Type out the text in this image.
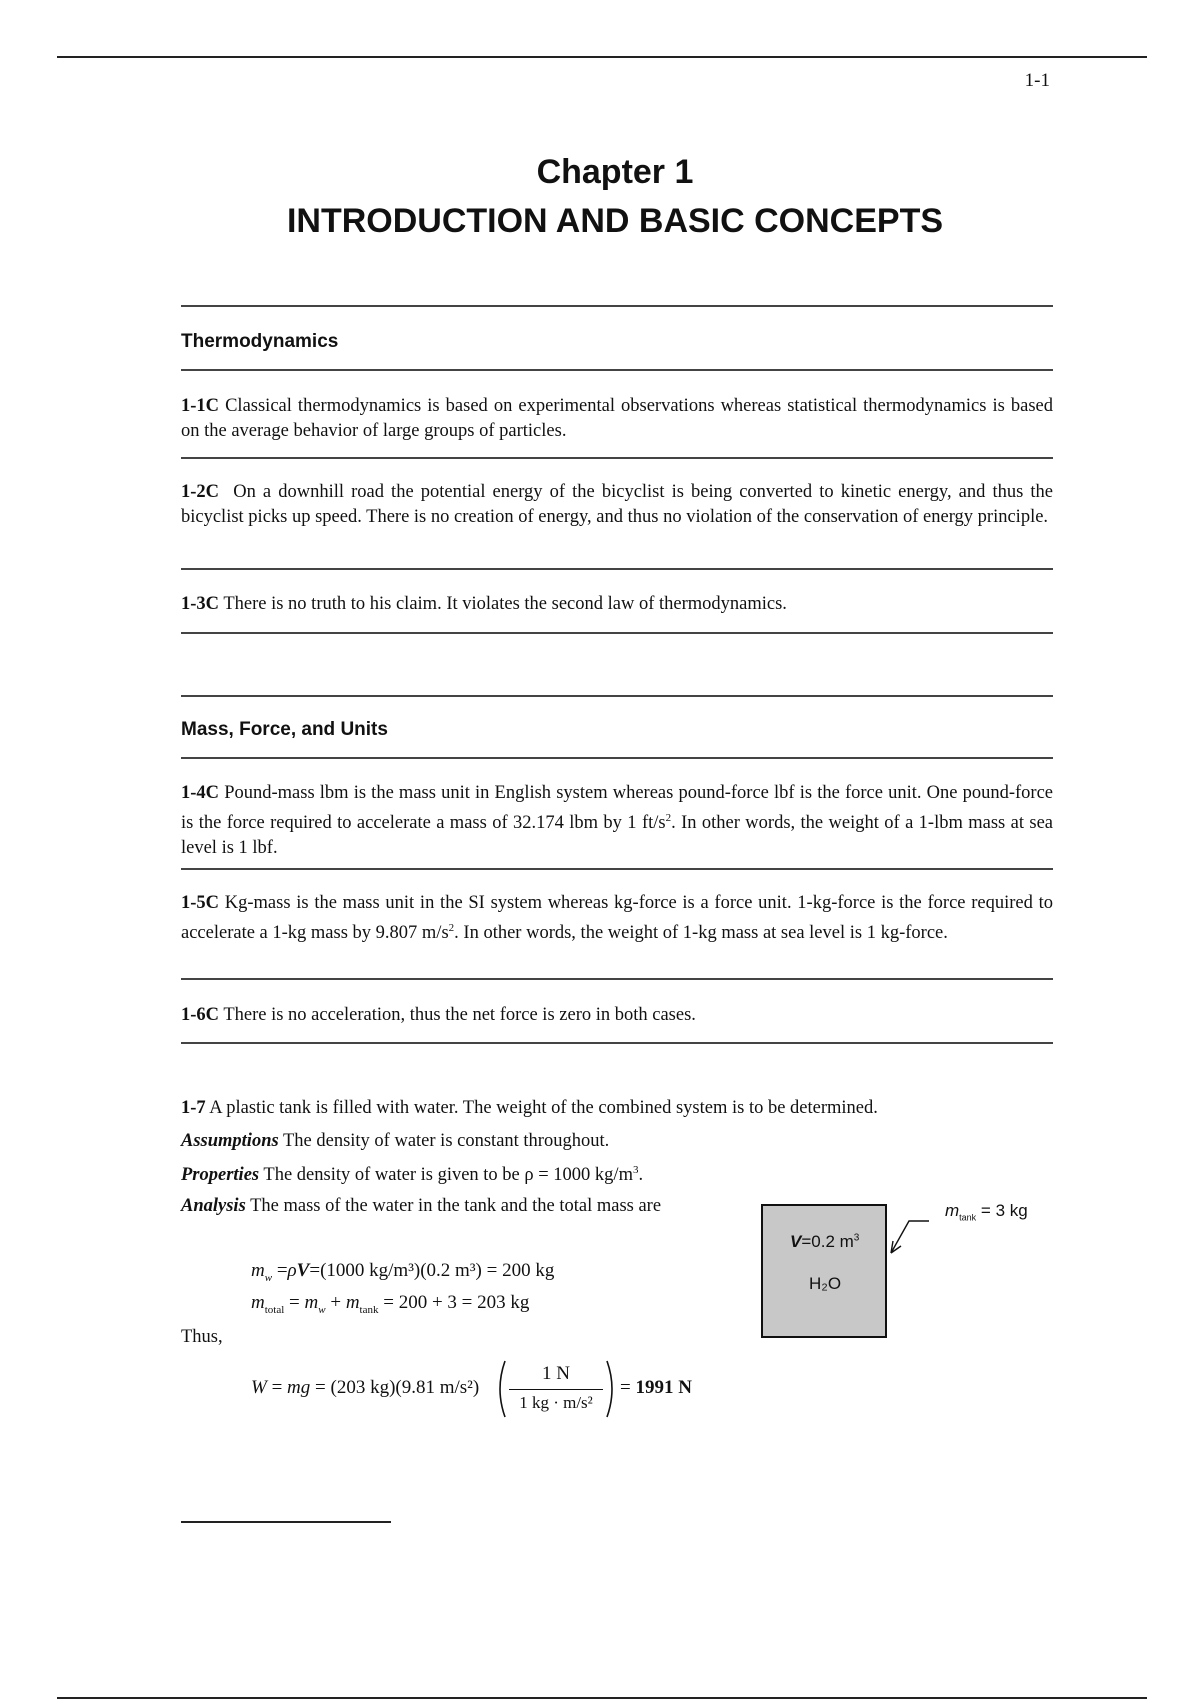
1-1
Chapter 1
INTRODUCTION AND BASIC CONCEPTS
Thermodynamics
1-1C Classical thermodynamics is based on experimental observations whereas statistical thermodynamics is based on the average behavior of large groups of particles.
1-2C On a downhill road the potential energy of the bicyclist is being converted to kinetic energy, and thus the bicyclist picks up speed. There is no creation of energy, and thus no violation of the conservation of energy principle.
1-3C There is no truth to his claim. It violates the second law of thermodynamics.
Mass, Force, and Units
1-4C Pound-mass lbm is the mass unit in English system whereas pound-force lbf is the force unit. One pound-force is the force required to accelerate a mass of 32.174 lbm by 1 $ft/s^2$. In other words, the weight of a 1-lbm mass at sea level is 1 lbf.
1-5C Kg-mass is the mass unit in the SI system whereas kg-force is a force unit. 1-kg-force is the force required to accelerate a 1-kg mass by 9.807 $m/s^2$. In other words, the weight of 1-kg mass at sea level is 1 kg-force.
1-6C There is no acceleration, thus the net force is zero in both cases.
1-7 A plastic tank is filled with water. The weight of the combined system is to be determined.
Assumptions The density of water is constant throughout.
Properties The density of water is given to be ρ = 1000 $kg/m^3$.
Analysis The mass of the water in the tank and the total mass are
$m_w =\rho V=(1000$ kg/m³)(0.2 m³) = 200 kg
$m_{total} = m_w + m_{tank} = 200 + 3 = 203$ kg
Thus,
W = mg = (203 kg)(9.81 m/s²)
1 N
1 kg · m/s²
= 1991 N
V=0.2 $m^3$
H₂O
$m_{tank} = 3$ kg
